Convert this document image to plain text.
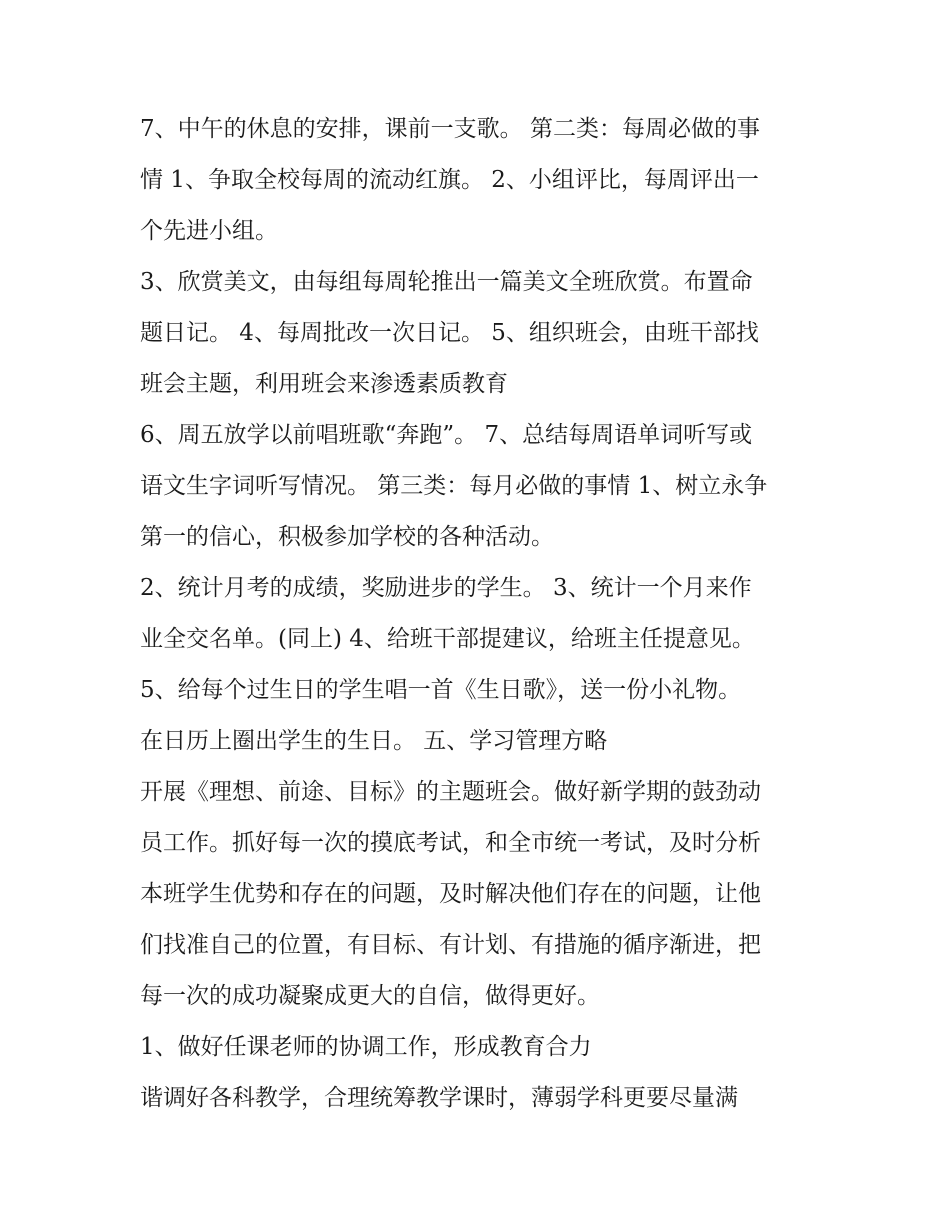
7、中午的休息的安排，课前一支歌。 第二类：每周必做的事
情 1、争取全校每周的流动红旗。 2、小组评比，每周评出一
个先进小组。
3、欣赏美文，由每组每周轮推出一篇美文全班欣赏。布置命
题日记。 4、每周批改一次日记。 5、组织班会，由班干部找
班会主题，利用班会来渗透素质教育
6、周五放学以前唱班歌“奔跑”。 7、总结每周语单词听写或
语文生字词听写情况。 第三类：每月必做的事情 1、树立永争
第一的信心，积极参加学校的各种活动。
2、统计月考的成绩，奖励进步的学生。 3、统计一个月来作
业全交名单。(同上) 4、给班干部提建议，给班主任提意见。
5、给每个过生日的学生唱一首《生日歌》，送一份小礼物。
在日历上圈出学生的生日。 五、学习管理方略
开展《理想、前途、目标》的主题班会。做好新学期的鼓劲动
员工作。抓好每一次的摸底考试，和全市统一考试，及时分析
本班学生优势和存在的问题，及时解决他们存在的问题，让他
们找准自己的位置，有目标、有计划、有措施的循序渐进，把
每一次的成功凝聚成更大的自信，做得更好。
1、做好任课老师的协调工作，形成教育合力
谐调好各科教学，合理统筹教学课时，薄弱学科更要尽量满
